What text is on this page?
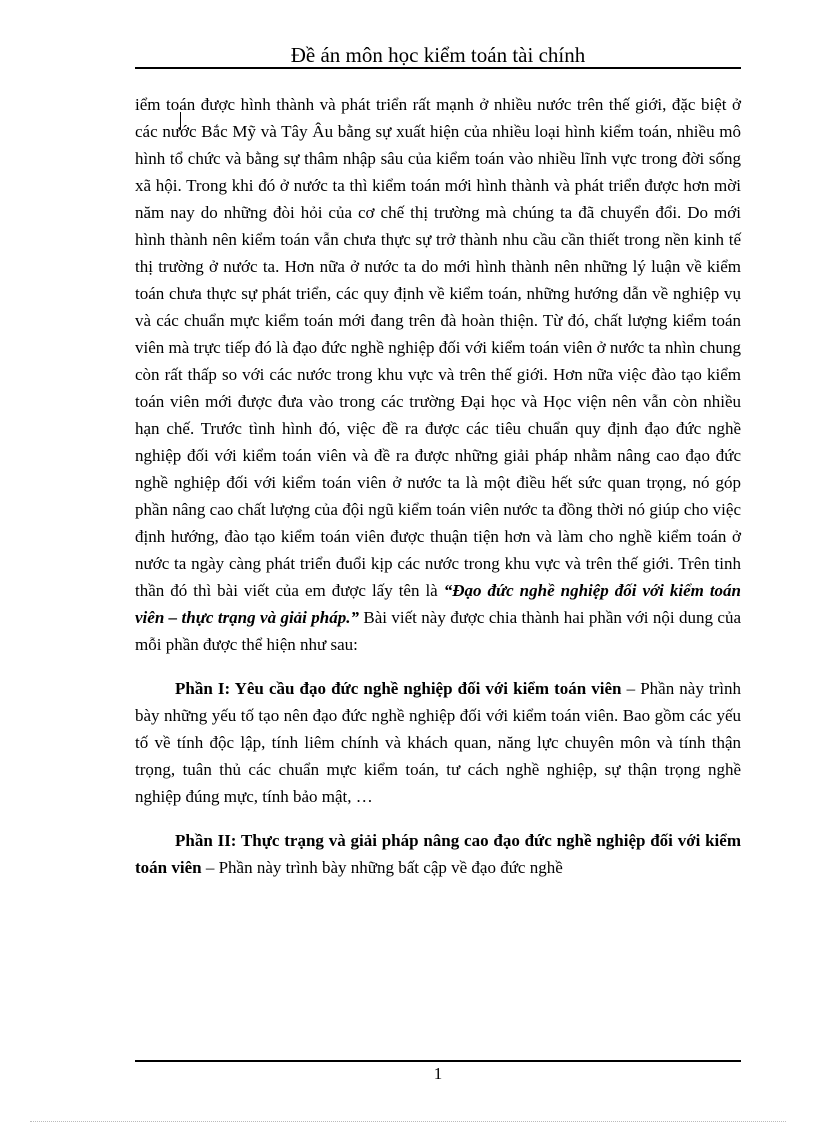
Đề án môn học kiểm toán tài chính

iểm toán được hình thành và phát triển rất mạnh ở nhiều nước trên thế giới, đặc biệt ở các nước Bắc Mỹ và Tây Âu bằng sự xuất hiện của nhiều loại hình kiểm toán, nhiều mô hình tổ chức và bằng sự thâm nhập sâu của kiểm toán vào nhiều lĩnh vực trong đời sống xã hội. Trong khi đó ở nước ta thì kiểm toán mới hình thành và phát triển được hơn mời năm nay do những đòi hỏi của cơ chế thị trường mà chúng ta đã chuyển đổi. Do mới hình thành nên kiểm toán vẫn chưa thực sự trở thành nhu cầu cần thiết trong nền kinh tế thị trường ở nước ta. Hơn nữa ở nước ta do mới hình thành nên những lý luận về kiểm toán chưa thực sự phát triển, các quy định về kiểm toán, những hướng dẫn về nghiệp vụ và các chuẩn mực kiểm toán mới đang trên đà hoàn thiện. Từ đó, chất lượng kiểm toán viên mà trực tiếp đó là đạo đức nghề nghiệp đối với kiểm toán viên ở nước ta nhìn chung còn rất thấp so với các nước trong khu vực và trên thế giới. Hơn nữa việc đào tạo kiểm toán viên mới được đưa vào trong các trường Đại học và Học viện nên vẫn còn nhiều hạn chế. Trước tình hình đó, việc đề ra được các tiêu chuẩn quy định đạo đức nghề nghiệp đối với kiểm toán viên và đề ra được những giải pháp nhằm nâng cao đạo đức nghề nghiệp đối với kiểm toán viên ở nước ta là một điều hết sức quan trọng, nó góp phần nâng cao chất lượng của đội ngũ kiểm toán viên nước ta đồng thời nó giúp cho việc định hướng, đào tạo kiểm toán viên được thuận tiện hơn và làm cho nghề kiểm toán ở nước ta ngày càng phát triển đuổi kịp các nước trong khu vực và trên thế giới. Trên tinh thần đó thì bài viết của em được lấy tên là “Đạo đức nghề nghiệp đối với kiểm toán viên – thực trạng và giải pháp.” Bài viết này được chia thành hai phần với nội dung của mỗi phần được thể hiện như sau:

Phần I: Yêu cầu đạo đức nghề nghiệp đối với kiểm toán viên – Phần này trình bày những yếu tố tạo nên đạo đức nghề nghiệp đối với kiểm toán viên. Bao gồm các yếu tố về tính độc lập, tính liêm chính và khách quan, năng lực chuyên môn và tính thận trọng, tuân thủ các chuẩn mực kiểm toán, tư cách nghề nghiệp, sự thận trọng nghề nghiệp đúng mực, tính bảo mật, …

Phần II: Thực trạng và giải pháp nâng cao đạo đức nghề nghiệp đối với kiểm toán viên – Phần này trình bày những bất cập về đạo đức nghề

1
